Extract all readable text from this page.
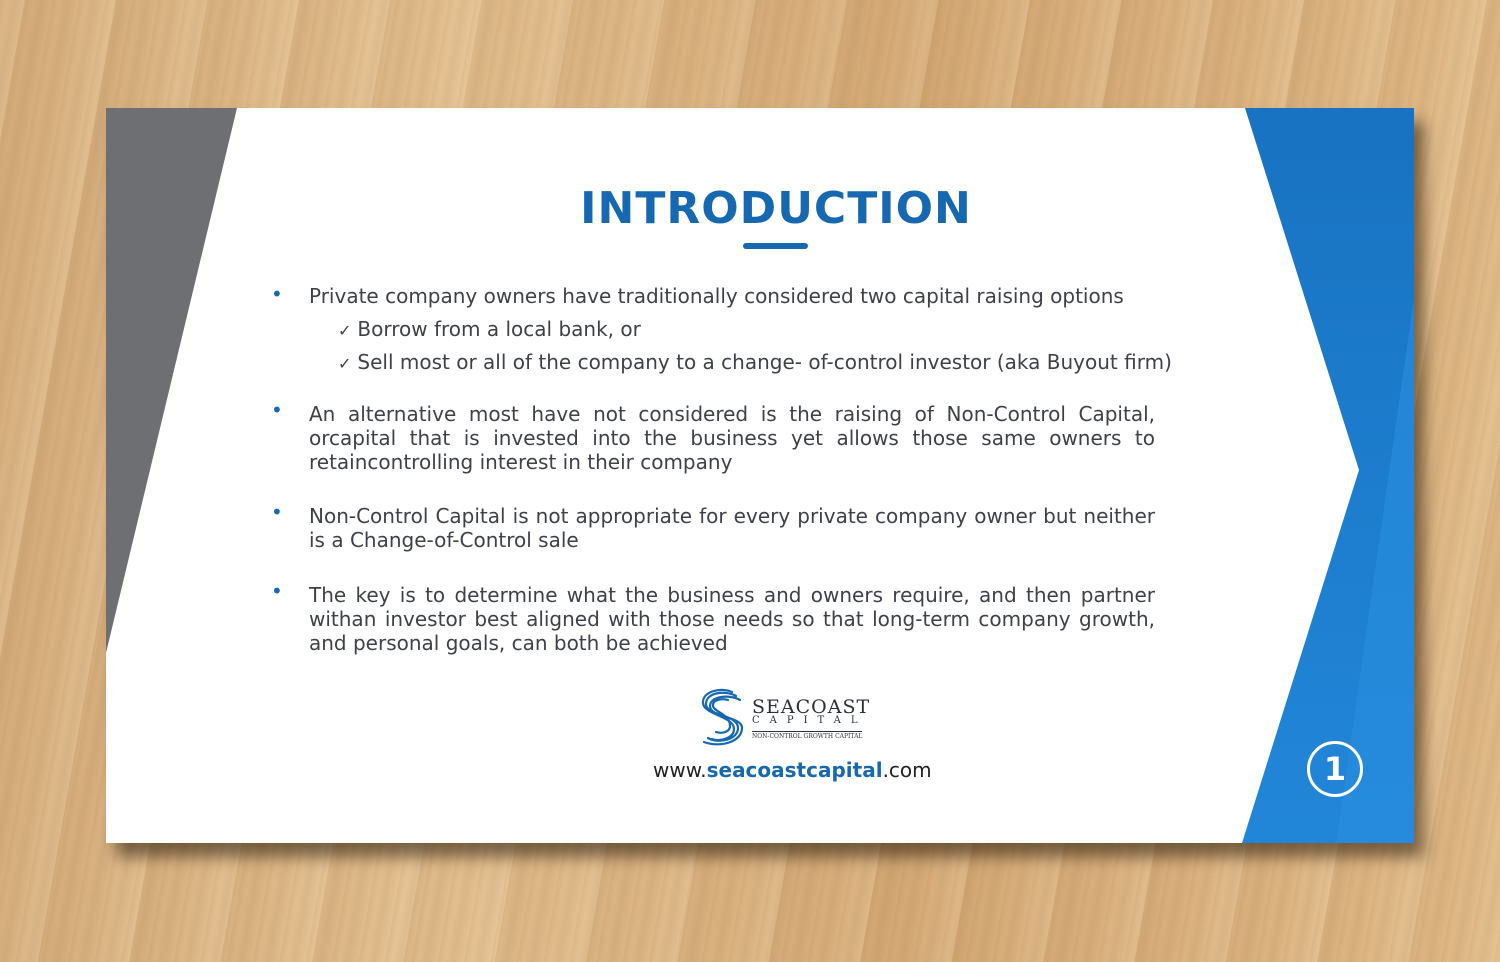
INTRODUCTION
• Private company owners have traditionally considered two capital raising options
✓ Borrow from a local bank, or
✓ Sell most or all of the company to a change- of-control investor (aka Buyout firm)
• An alternative most have not considered is the raising of Non-Control Capital, orcapital that is invested into the business yet allows those same owners to retaincontrolling interest in their company
• Non-Control Capital is not appropriate for every private company owner but neither is a Change-of-Control sale
• The key is to determine what the business and owners require, and then partner withan investor best aligned with those needs so that long-term company growth, and personal goals, can both be achieved
SEACOAST
CAPITAL
NON-CONTROL GROWTH CAPITAL
www.seacoastcapital.com	1
